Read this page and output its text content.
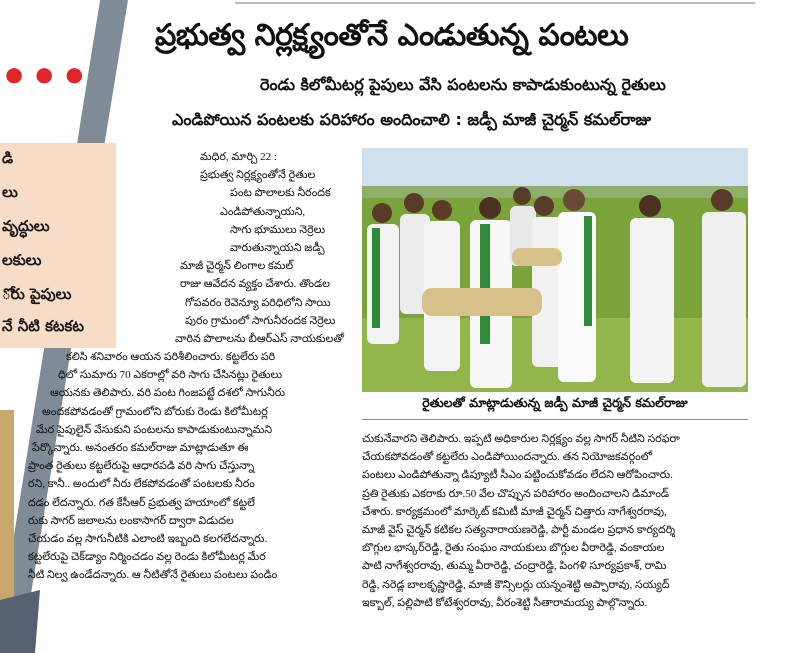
•••
డి
లు
వృద్ధులు
లకులు
ోరు పైపులు
నే నీటి కటకట
ప్రభుత్వ నిర్లక్ష్యంతోనే ఎండుతున్న పంటలు
రెండు కిలోమీటర్ల పైపులు వేసి పంటలను కాపాడుకుంటున్న రైతులు
ఎండిపోయిన పంటలకు పరిహారం అందించాలి : జడ్పీ మాజీ చైర్మన్ కమల్‌రాజు

మధిర, మార్చి 22 :

ప్రభుత్వ నిర్లక్ష్యంతోనే రైతుల

పంట పొలాలకు నీరందక

ఎండిపోతున్నాయని,

సాగు భూములు నెర్రెలు

వారుతున్నాయని జడ్పీ

మాజీ చైర్మన్ లింగాల కమల్

రాజు ఆవేదన వ్యక్తం చేశారు. తొండల

గోపవరం రెవెన్యూ పరిధిలోని సాయి

పురం గ్రామంలో సాగునీరందక నెర్రెలు

వారిన పొలాలను బీఆర్ఎస్ నాయకులతో

కలిసి శనివారం ఆయన పరిశీలించారు. కట్టలేరు పరి

ధిలో సుమారు 70 ఎకరాల్లో వరి సాగు చేసినట్లు రైతులు

ఆయనకు తెలిపారు. వరి పంట గింజపట్టే దశలో సాగునీరు

అందకపోవడంతో గ్రామంలోని బోరుకు రెండు కిలోమీటర్ల

మేర పైపులైన్ వేసుకుని పంటలను కాపాడుకుంటున్నామని

పేర్కొన్నారు. అనంతరం కమల్‌రాజు మాట్లాడుతూ ఈ

ప్రాంత రైతులు కట్టలేరుపై ఆధారపడి వరి సాగు చేస్తున్నా

రని, కానీ.. అందులో నీరు లేకపోవడంతో పంటలకు నీరం

దడం లేదన్నారు. గత కేసీఆర్ ప్రభుత్వ హయాంలో కట్టలే

రుకు సాగర్ జలాలను లంకాసాగర్ ద్వారా విడుదల

చేయడం వల్ల సాగునీటికి ఎలాంటి ఇబ్బంది కలగలేదన్నారు.

కట్టలేరుపై చెక్‌డ్యాం నిర్మించడం వల్ల రెండు కిలోమీటర్ల మేర

నీటి నిల్వ ఉండేదన్నారు. ఆ నీటితోనే రైతులు పంటలు పండిం

రైతులతో మాట్లాడుతున్న జడ్పీ మాజీ చైర్మన్ కమల్‌రాజు

చుకునేవారని తెలిపారు. ఇప్పటి అధికారుల నిర్లక్ష్యం వల్ల సాగర్ నీటిని సరఫరా

చేయకపోవడంతో కట్టలేరు ఎండిపోయిందన్నారు. తన నియోజకవర్గంలో

పంటలు ఎండిపోతున్నా డిప్యూటీ సీఎం పట్టించుకోవడం లేదని ఆరోపించారు.

ప్రతి రైతుకు ఎకరాకు రూ.50 వేల చొప్పున పరిహారం అందించాలని డిమాండ్

చేశారు. కార్యక్రమంలో మార్కెట్ కమిటీ మాజీ చైర్మన్ చిత్తారు నాగేశ్వరరావు,

మాజీ వైస్ చైర్మన్ కటికల సత్యనారాయణరెడ్డి, పార్టీ మండల ప్రధాన కార్యదర్శి

బొగ్గుల భాస్కర్‌రెడ్డి, రైతు సంఘం నాయకులు బొగ్గుల వీరారెడ్డి, వంకాయల

పాటి నాగేశ్వరరావు, తుమ్మ వీరారెడ్డి, చంద్రారెడ్డి, పింగళి సూర్యప్రకాశ్, రామి

రెడ్డి, నరెడ్ల బాలకృష్ణారెడ్డి, మాజీ కౌన్సిలర్లు యన్నంశెట్టి అప్పారావు, సయ్యద్

ఇక్బాల్, పల్లిపాటి కోటేశ్వరరావు, వీరంశెట్టి సీతారామయ్య పాల్గొన్నారు.
